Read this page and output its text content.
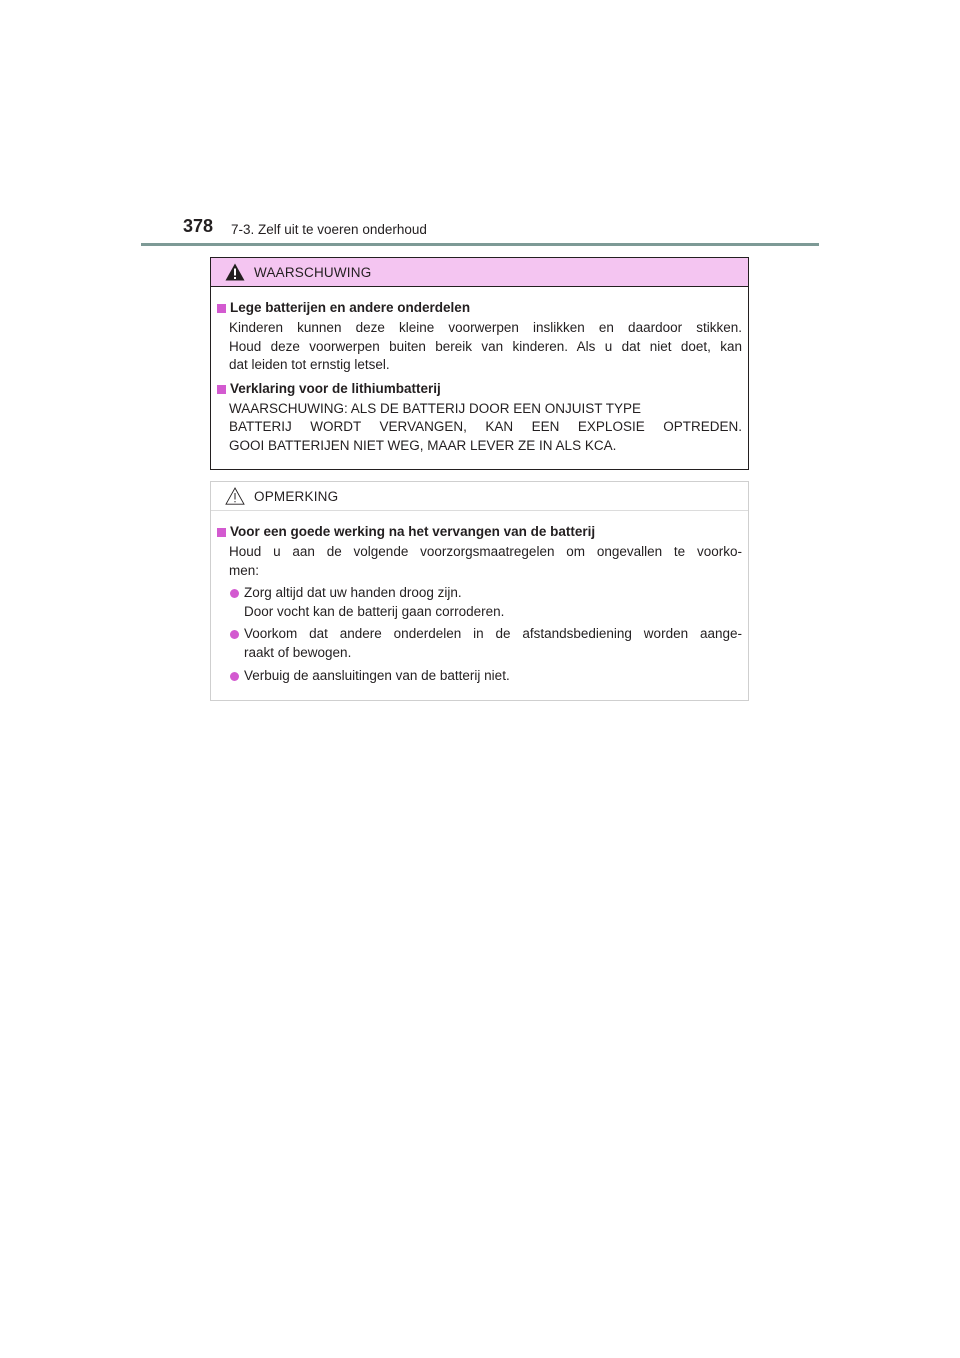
378 7-3. Zelf uit te voeren onderhoud
WAARSCHUWING
Lege batterijen en andere onderdelen
Kinderen kunnen deze kleine voorwerpen inslikken en daardoor stikken.
Houd deze voorwerpen buiten bereik van kinderen. Als u dat niet doet, kan
dat leiden tot ernstig letsel.
Verklaring voor de lithiumbatterij
WAARSCHUWING: ALS DE BATTERIJ DOOR EEN ONJUIST TYPE
BATTERIJ WORDT VERVANGEN, KAN EEN EXPLOSIE OPTREDEN.
GOOI BATTERIJEN NIET WEG, MAAR LEVER ZE IN ALS KCA.
OPMERKING
Voor een goede werking na het vervangen van de batterij
Houd u aan de volgende voorzorgsmaatregelen om ongevallen te voorko-
men:
Zorg altijd dat uw handen droog zijn.
Door vocht kan de batterij gaan corroderen.
Voorkom dat andere onderdelen in de afstandsbediening worden aange-
raakt of bewogen.
Verbuig de aansluitingen van de batterij niet.
